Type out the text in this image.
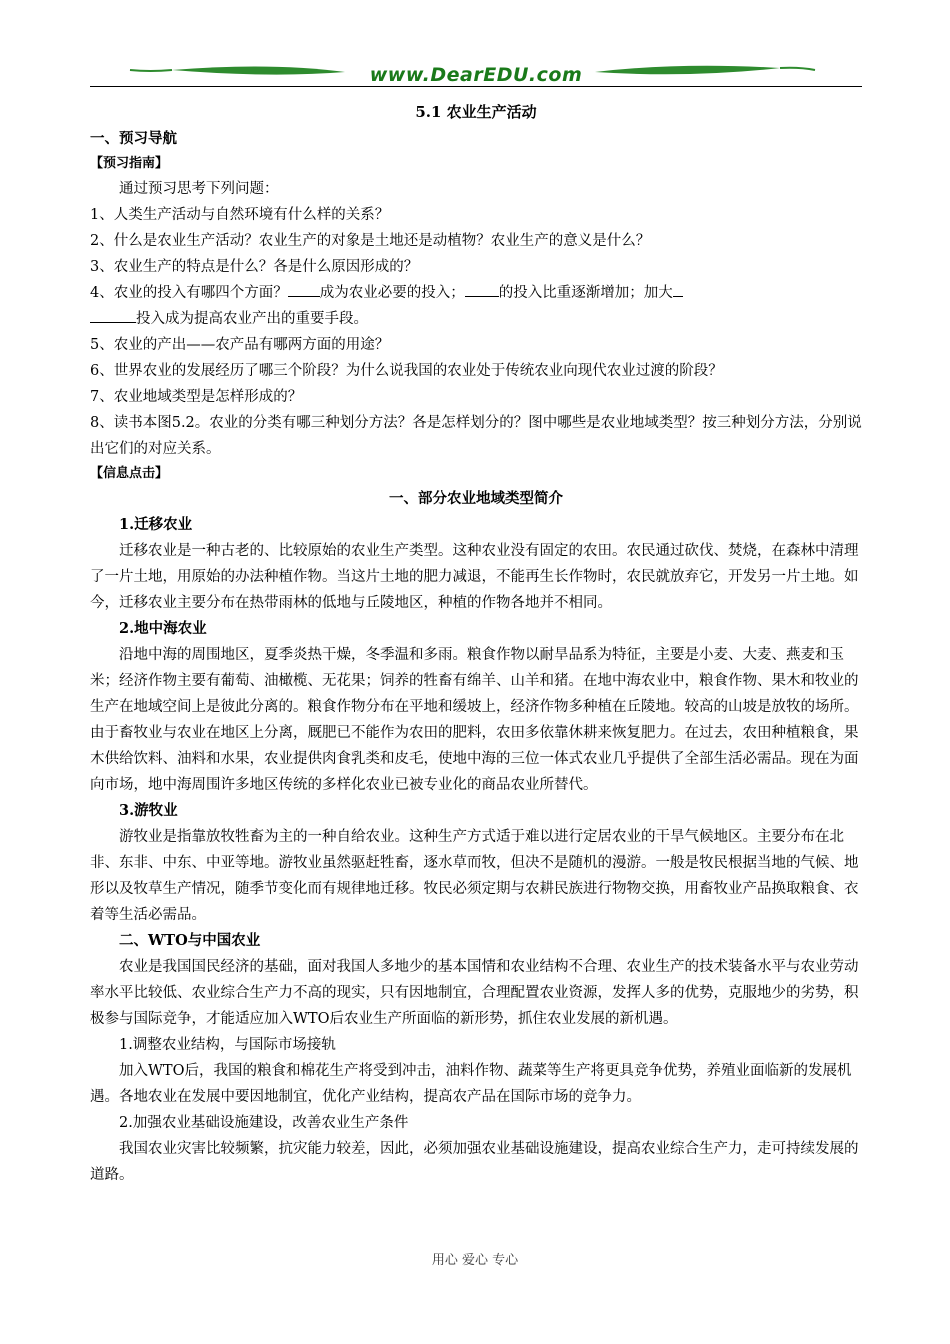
www.DearEDU.com

5.1 农业生产活动

一、预习导航

【预习指南】

通过预习思考下列问题：

1、人类生产活动与自然环境有什么样的关系？

2、什么是农业生产活动？农业生产的对象是土地还是动植物？农业生产的意义是什么？

3、农业生产的特点是什么？各是什么原因形成的？

4、农业的投入有哪四个方面？ 成为农业必要的投入； 的投入比重逐渐增加；加大
投入成为提高农业产出的重要手段。

5、农业的产出——农产品有哪两方面的用途？

6、世界农业的发展经历了哪三个阶段？为什么说我国的农业处于传统农业向现代农业过渡的阶段？

7、农业地域类型是怎样形成的？

8、读书本图5.2。农业的分类有哪三种划分方法？各是怎样划分的？图中哪些是农业地域类型？按三种划分方法，分别说出它们的对应关系。

【信息点击】

一、部分农业地域类型简介

1.迁移农业

迁移农业是一种古老的、比较原始的农业生产类型。这种农业没有固定的农田。农民通过砍伐、焚烧，在森林中清理了一片土地，用原始的办法种植作物。当这片土地的肥力减退，不能再生长作物时，农民就放弃它，开发另一片土地。如今，迁移农业主要分布在热带雨林的低地与丘陵地区，种植的作物各地并不相同。

2.地中海农业

沿地中海的周围地区，夏季炎热干燥，冬季温和多雨。粮食作物以耐旱品系为特征，主要是小麦、大麦、燕麦和玉米；经济作物主要有葡萄、油橄榄、无花果；饲养的牲畜有绵羊、山羊和猪。在地中海农业中，粮食作物、果木和牧业的生产在地域空间上是彼此分离的。粮食作物分布在平地和缓坡上，经济作物多种植在丘陵地。较高的山坡是放牧的场所。由于畜牧业与农业在地区上分离，厩肥已不能作为农田的肥料，农田多依靠休耕来恢复肥力。在过去，农田种植粮食，果木供给饮料、油料和水果，农业提供肉食乳类和皮毛，使地中海的三位一体式农业几乎提供了全部生活必需品。现在为面向市场，地中海周围许多地区传统的多样化农业已被专业化的商品农业所替代。

3.游牧业

游牧业是指靠放牧牲畜为主的一种自给农业。这种生产方式适于难以进行定居农业的干旱气候地区。主要分布在北非、东非、中东、中亚等地。游牧业虽然驱赶牲畜，逐水草而牧，但决不是随机的漫游。一般是牧民根据当地的气候、地形以及牧草生产情况，随季节变化而有规律地迁移。牧民必须定期与农耕民族进行物物交换，用畜牧业产品换取粮食、衣着等生活必需品。

二、WTO与中国农业

农业是我国国民经济的基础，面对我国人多地少的基本国情和农业结构不合理、农业生产的技术装备水平与农业劳动率水平比较低、农业综合生产力不高的现实，只有因地制宜，合理配置农业资源，发挥人多的优势，克服地少的劣势，积极参与国际竞争，才能适应加入WTO后农业生产所面临的新形势，抓住农业发展的新机遇。

1.调整农业结构，与国际市场接轨

加入WTO后，我国的粮食和棉花生产将受到冲击，油料作物、蔬菜等生产将更具竞争优势，养殖业面临新的发展机遇。各地农业在发展中要因地制宜，优化产业结构，提高农产品在国际市场的竞争力。

2.加强农业基础设施建设，改善农业生产条件

我国农业灾害比较频繁，抗灾能力较差，因此，必须加强农业基础设施建设，提高农业综合生产力，走可持续发展的道路。

用心 爱心 专心
